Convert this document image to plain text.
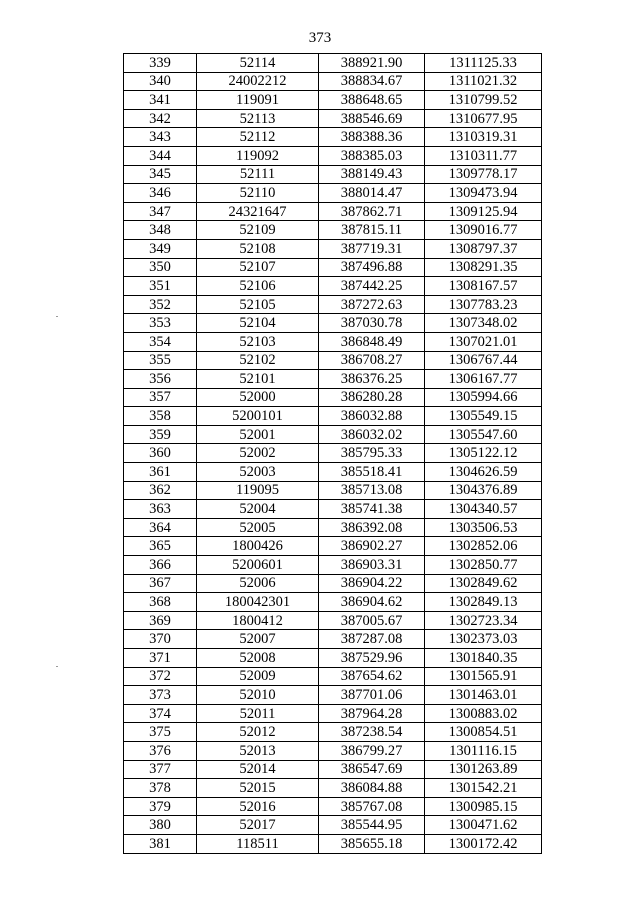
373
339	52114	388921.90	1311125.33
340	24002212	388834.67	1311021.32
341	119091	388648.65	1310799.52
342	52113	388546.69	1310677.95
343	52112	388388.36	1310319.31
344	119092	388385.03	1310311.77
345	52111	388149.43	1309778.17
346	52110	388014.47	1309473.94
347	24321647	387862.71	1309125.94
348	52109	387815.11	1309016.77
349	52108	387719.31	1308797.37
350	52107	387496.88	1308291.35
351	52106	387442.25	1308167.57
352	52105	387272.63	1307783.23
353	52104	387030.78	1307348.02
354	52103	386848.49	1307021.01
355	52102	386708.27	1306767.44
356	52101	386376.25	1306167.77
357	52000	386280.28	1305994.66
358	5200101	386032.88	1305549.15
359	52001	386032.02	1305547.60
360	52002	385795.33	1305122.12
361	52003	385518.41	1304626.59
362	119095	385713.08	1304376.89
363	52004	385741.38	1304340.57
364	52005	386392.08	1303506.53
365	1800426	386902.27	1302852.06
366	5200601	386903.31	1302850.77
367	52006	386904.22	1302849.62
368	180042301	386904.62	1302849.13
369	1800412	387005.67	1302723.34
370	52007	387287.08	1302373.03
371	52008	387529.96	1301840.35
372	52009	387654.62	1301565.91
373	52010	387701.06	1301463.01
374	52011	387964.28	1300883.02
375	52012	387238.54	1300854.51
376	52013	386799.27	1301116.15
377	52014	386547.69	1301263.89
378	52015	386084.88	1301542.21
379	52016	385767.08	1300985.15
380	52017	385544.95	1300471.62
381	118511	385655.18	1300172.42
